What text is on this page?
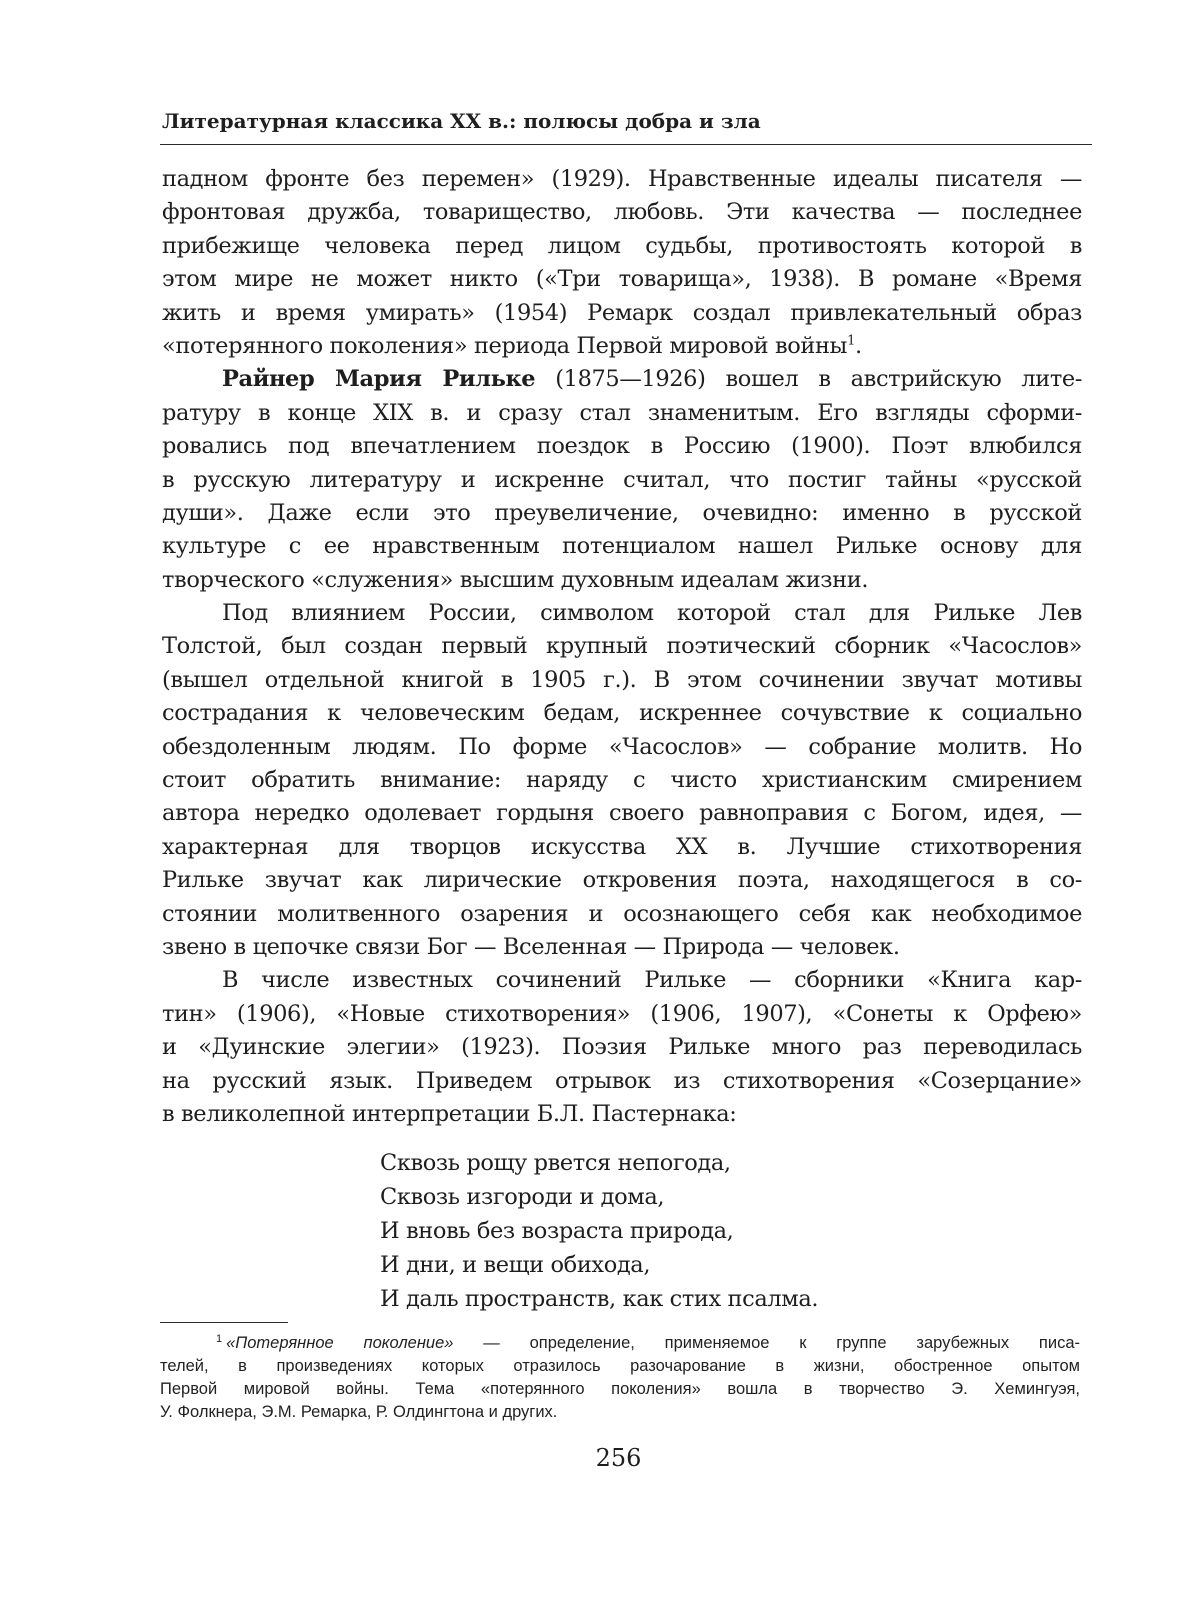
Литературная классика XX в.: полюсы добра и зла
падном фронте без перемен» (1929). Нравственные идеалы писателя —
фронтовая дружба, товарищество, любовь. Эти качества — последнее
прибежище человека перед лицом судьбы, противостоять которой в
этом мире не может никто («Три товарища», 1938). В романе «Время
жить и время умирать» (1954) Ремарк создал привлекательный образ
«потерянного поколения» периода Первой мировой войны$^1$.
Райнер Мария Рильке (1875—1926) вошел в австрийскую лите-
ратуру в конце XIX в. и сразу стал знаменитым. Его взгляды сформи-
ровались под впечатлением поездок в Россию (1900). Поэт влюбился
в русскую литературу и искренне считал, что постиг тайны «русской
души». Даже если это преувеличение, очевидно: именно в русской
культуре с ее нравственным потенциалом нашел Рильке основу для
творческого «служения» высшим духовным идеалам жизни.
Под влиянием России, символом которой стал для Рильке Лев
Толстой, был создан первый крупный поэтический сборник «Часослов»
(вышел отдельной книгой в 1905 г.). В этом сочинении звучат мотивы
сострадания к человеческим бедам, искреннее сочувствие к социально
обездоленным людям. По форме «Часослов» — собрание молитв. Но
стоит обратить внимание: наряду с чисто христианским смирением
автора нередко одолевает гордыня своего равноправия с Богом, идея, —
характерная для творцов искусства XX в. Лучшие стихотворения
Рильке звучат как лирические откровения поэта, находящегося в со-
стоянии молитвенного озарения и осознающего себя как необходимое
звено в цепочке связи Бог — Вселенная — Природа — человек.
В числе известных сочинений Рильке — сборники «Книга кар-
тин» (1906), «Новые стихотворения» (1906, 1907), «Сонеты к Орфею»
и «Дуинские элегии» (1923). Поэзия Рильке много раз переводилась
на русский язык. Приведем отрывок из стихотворения «Созерцание»
в великолепной интерпретации Б.Л. Пастернака:
Сквозь рощу рвется непогода,
Сквозь изгороди и дома,
И вновь без возраста природа,
И дни, и вещи обихода,
И даль пространств, как стих псалма.
$^1$ «Потерянное поколение» — определение, применяемое к группе зарубежных писа-
телей, в произведениях которых отразилось разочарование в жизни, обостренное опытом
Первой мировой войны. Тема «потерянного поколения» вошла в творчество Э. Хемингуэя,
У. Фолкнера, Э.М. Ремарка, Р. Олдингтона и других.
256
